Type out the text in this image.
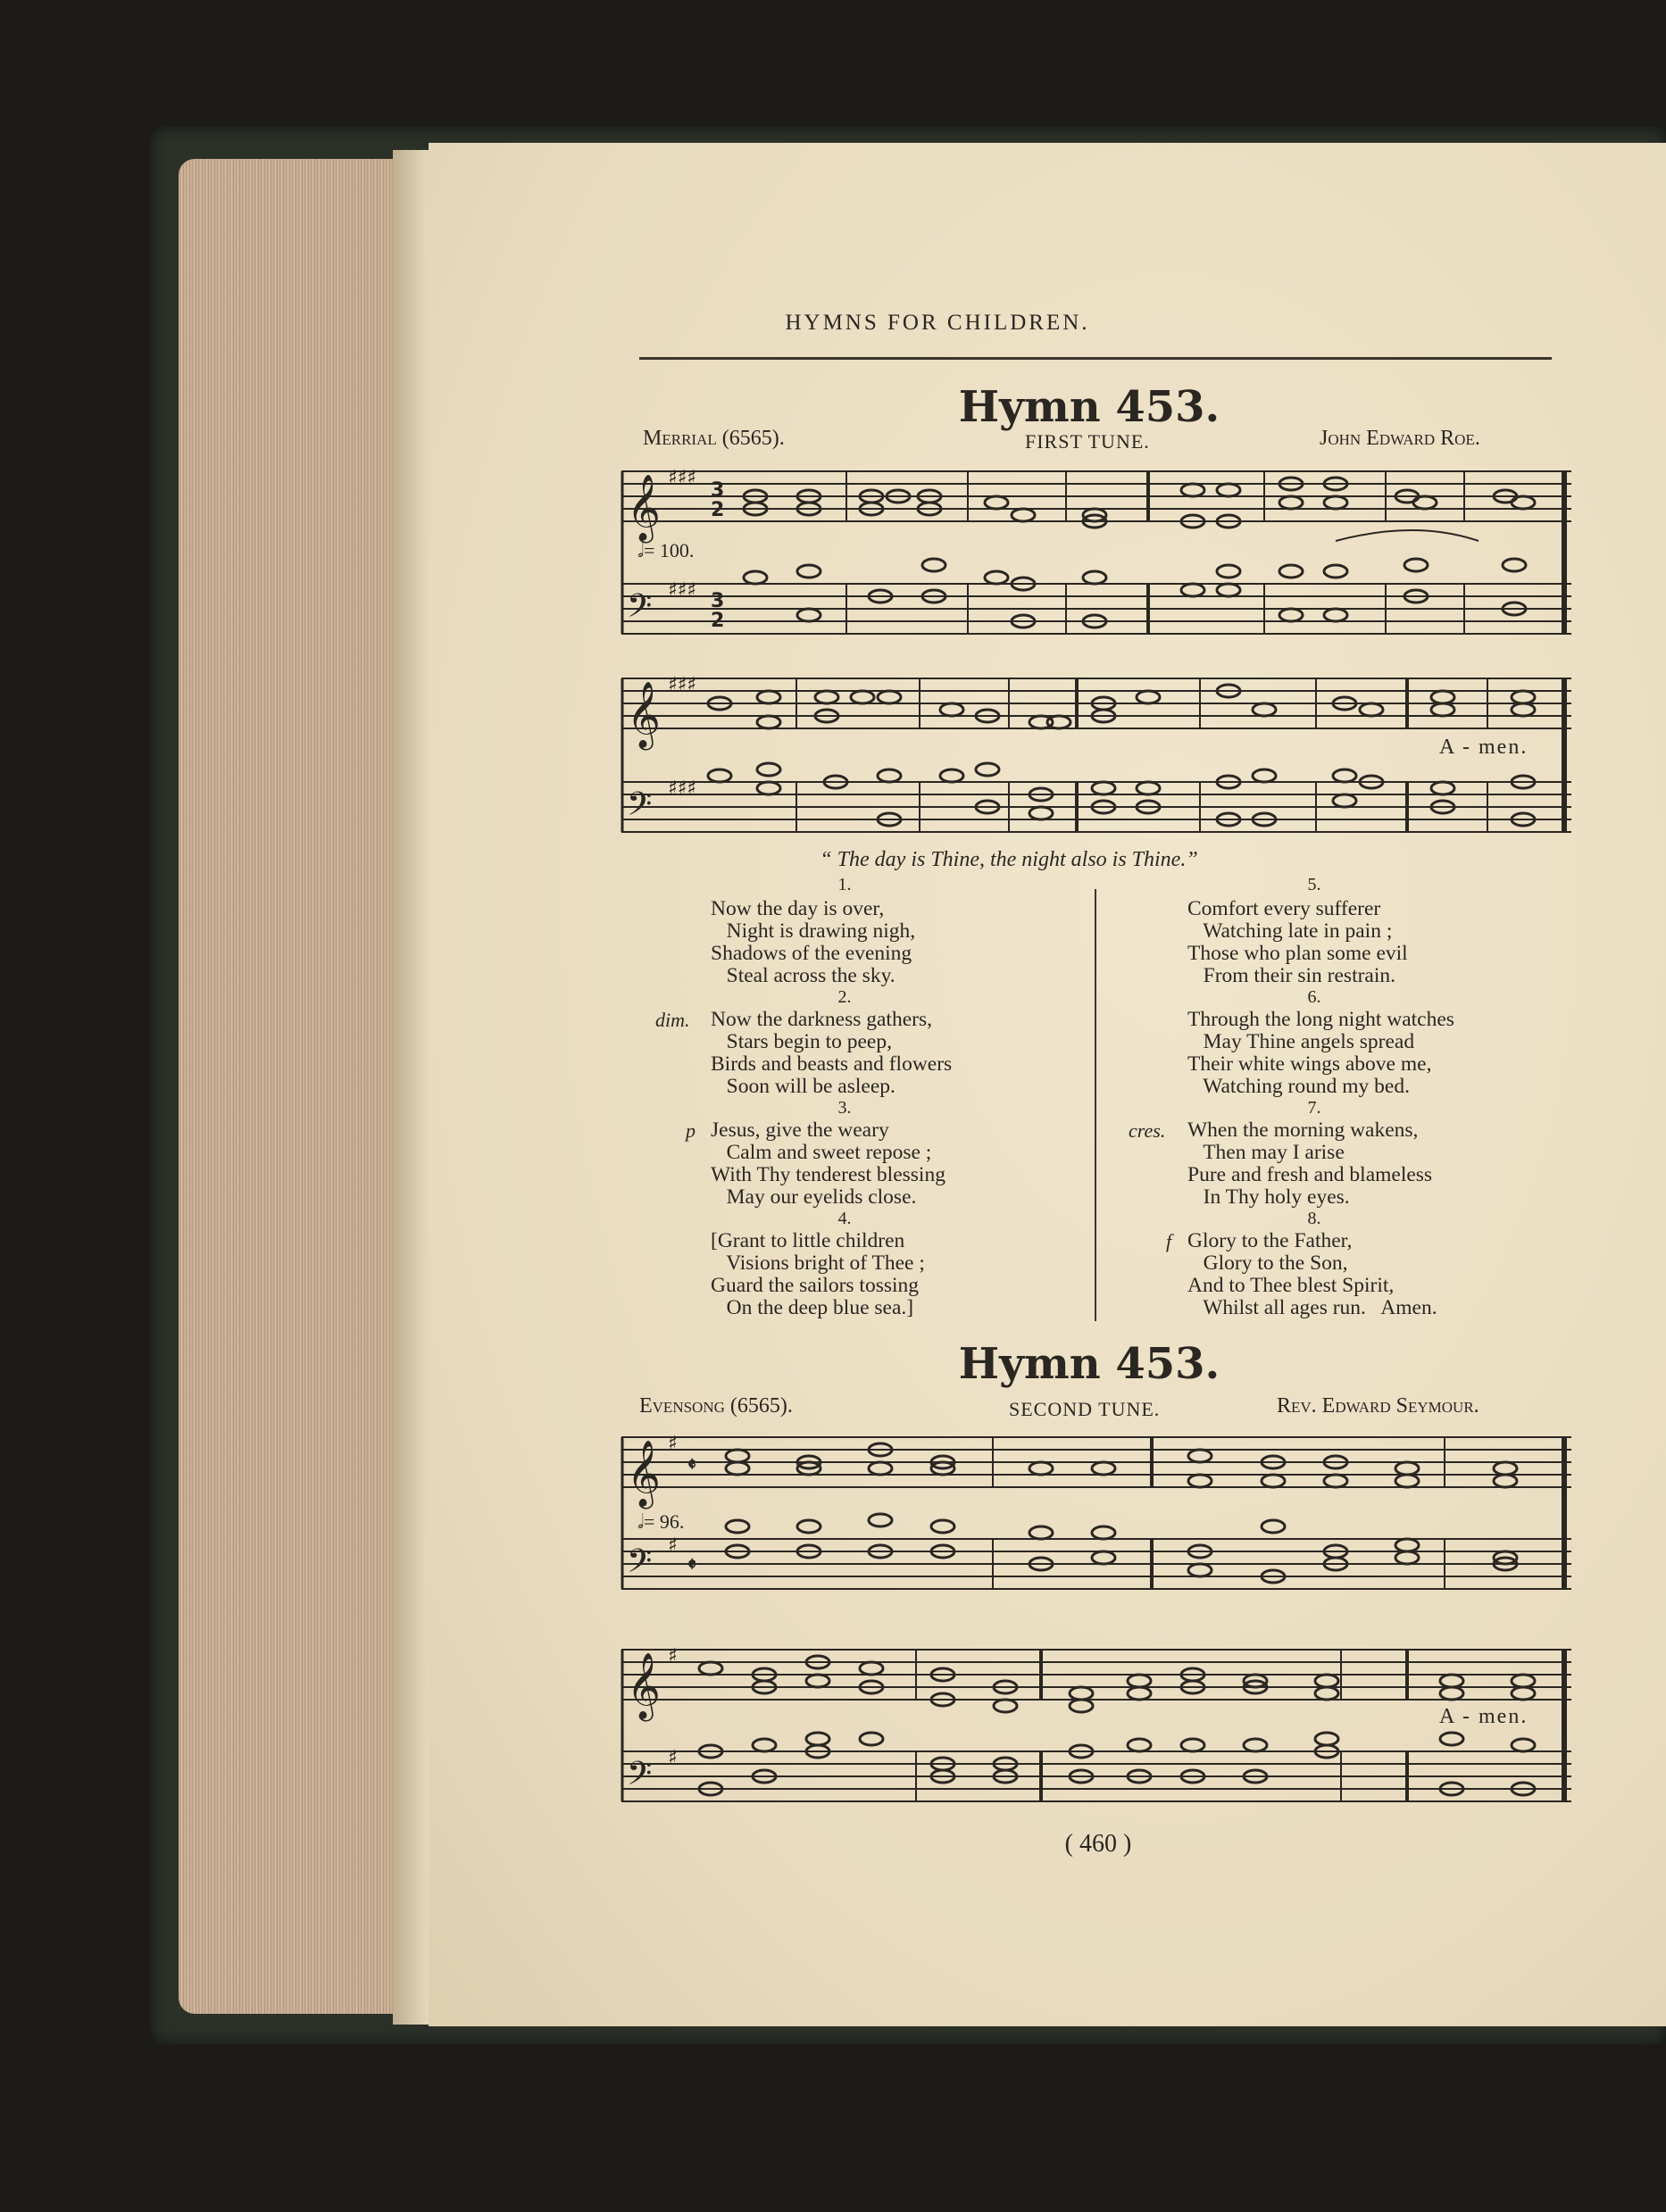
HYMNS FOR CHILDREN.
Hymn 453.
Merrial (6565).	FIRST TUNE.	John Edward Roe.
𝄞
𝄢
♯♯♯
♯♯♯
3
2
3
2
𝅗𝅥= 100.
𝄞
𝄢
♯♯♯
♯♯♯
A - men.
“ The day is Thine, the night also is Thine.”
1.
Now the day is over,
Night is drawing nigh,
Shadows of the evening
Steal across the sky.
2.
dim. Now the darkness gathers,
Stars begin to peep,
Birds and beasts and flowers
Soon will be asleep.
3.
p Jesus, give the weary
Calm and sweet repose ;
With Thy tenderest blessing
May our eyelids close.
4.
[Grant to little children
Visions bright of Thee ;
Guard the sailors tossing
On the deep blue sea.]
5.
Comfort every sufferer
Watching late in pain ;
Those who plan some evil
From their sin restrain.
6.
Through the long night watches
May Thine angels spread
Their white wings above me,
Watching round my bed.
7.
cres. When the morning wakens,
Then may I arise
Pure and fresh and blameless
In Thy holy eyes.
8.
f Glory to the Father,
Glory to the Son,
And to Thee blest Spirit,
Whilst all ages run.   Amen.
Hymn 453.
Evensong (6565).	SECOND TUNE.	Rev. Edward Seymour.
𝄞
𝄢
♯
♯
𝄵
𝄵
𝅗𝅥= 96.
𝄞
𝄢
♯
♯
A - men.
( 460 )
